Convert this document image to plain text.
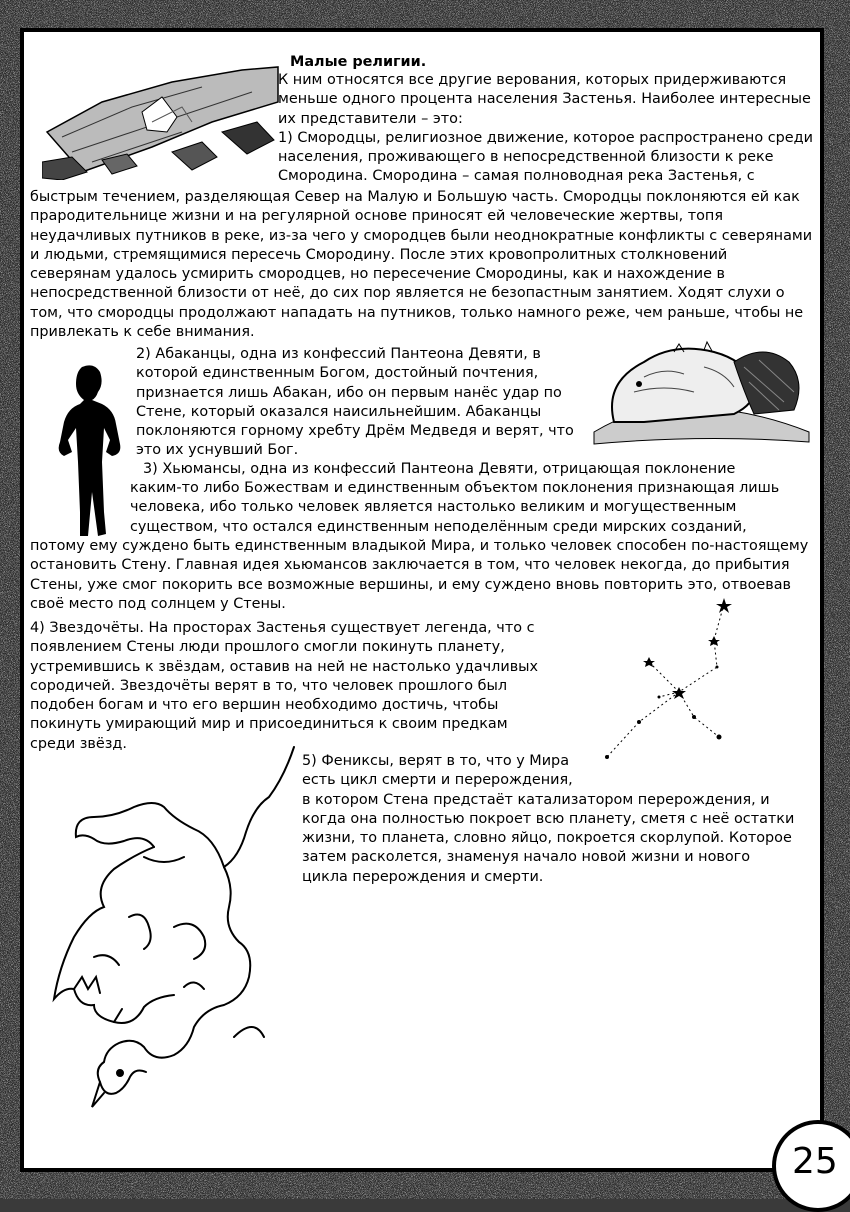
Малые религии.

К ним относятся все другие верования, которых придерживаются
меньше одного процента населения Застенья. Наиболее интересные
их представители – это:
1) Смородцы, религиозное движение, которое распространено среди
населения, проживающего в непосредственной близости к реке
Смородина. Смородина – самая полноводная река Застенья, с

быстрым течением, разделяющая Север на Малую и Большую часть. Смородцы поклоняются ей как
прародительнице жизни и на регулярной основе приносят ей человеческие жертвы, топя
неудачливых путников в реке, из-за чего у смородцев были неоднократные конфликты с северянами
и людьми, стремящимися пересечь Смородину. После этих кровопролитных столкновений
северянам удалось усмирить смородцев, но пересечение Смородины, как и нахождение в
непосредственной близости от неё, до сих пор является не безопастным занятием. Ходят слухи о
том, что смородцы продолжают нападать на путников, только намного реже, чем раньше, чтобы не
привлекать к себе внимания.

2) Абаканцы, одна из конфессий Пантеона Девяти, в
которой единственным Богом, достойный почтения,
признается лишь Абакан, ибо он первым нанёс удар по
Стене, который оказался наисильнейшим. Абаканцы
поклоняются горному хребту Дрём Медведя и верят, что
это их уснувший Бог.

3) Хьюмансы, одна из конфессий Пантеона Девяти, отрицающая поклонение

каким-то либо Божествам и единственным объектом поклонения признающая лишь
человека, ибо только человек является настолько великим и могущественным
существом, что остался единственным неподелённым среди мирских созданий,

потому ему суждено быть единственным владыкой Мира, и только человек способен по-настоящему
остановить Стену. Главная идея хьюмансов заключается в том, что человек некогда, до прибытия
Стены, уже смог покорить все возможные вершины, и ему суждено вновь повторить это, отвоевав
своё место под солнцем у Стены.

4) Звездочёты. На просторах Застенья существует легенда, что с
появлением Стены люди прошлого смогли покинуть планету,
устремившись к звёздам, оставив на ней не настолько удачливых
сородичей. Звездочёты верят в то, что человек прошлого был
подобен богам и что его вершин необходимо достичь, чтобы
покинуть умирающий мир и присоединиться к своим предкам
среди звёзд.

5) Фениксы, верят в то, что у Мира
есть цикл смерти и перерождения,
в котором Стена предстаёт катализатором перерождения, и
когда она полностью покроет всю планету, сметя с неё остатки
жизни, то планета, словно яйцо, покроется скорлупой. Которое
затем расколется, знаменуя начало новой жизни и нового
цикла перерождения и смерти.

25
